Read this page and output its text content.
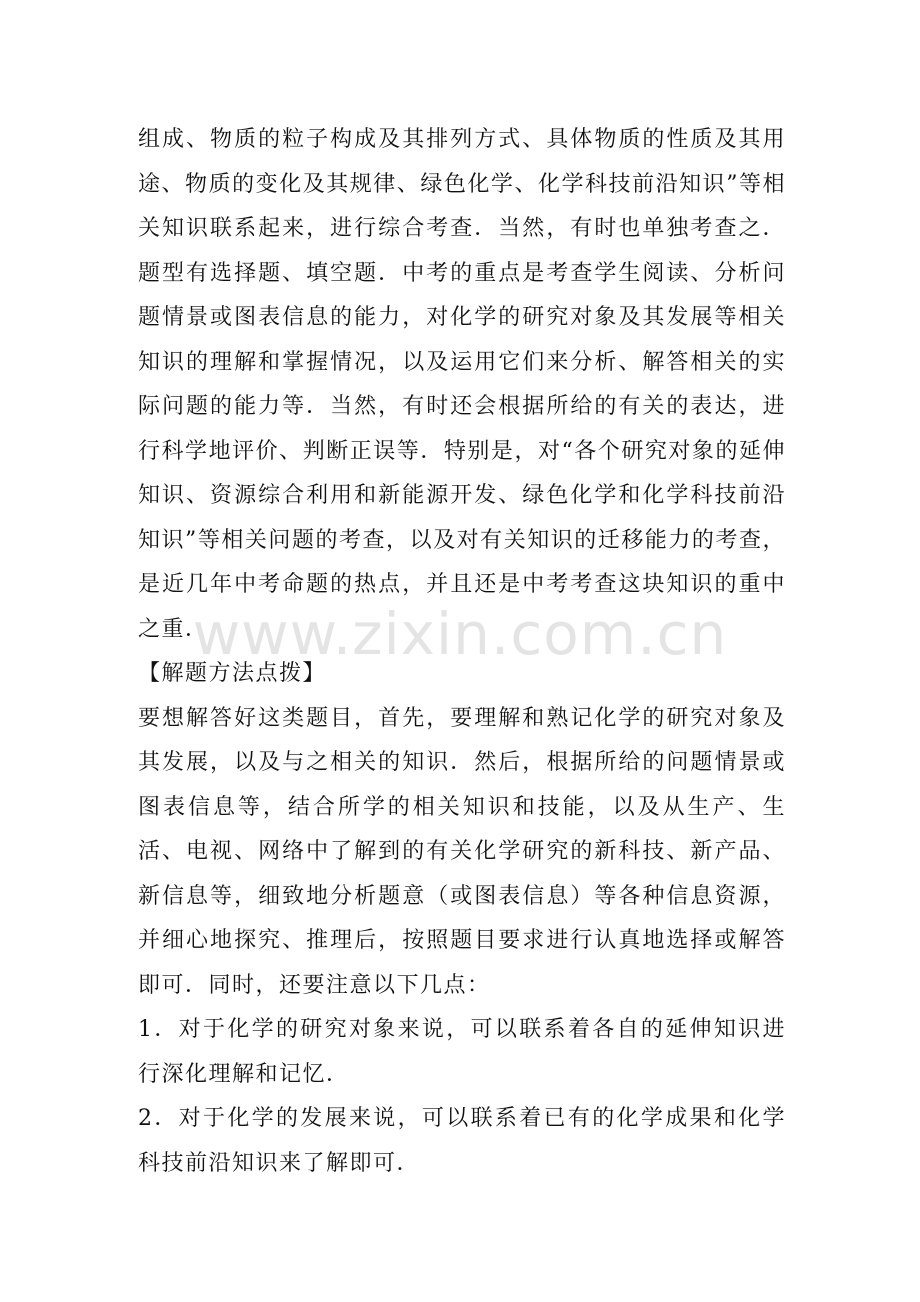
组成、物质的粒子构成及其排列方式、具体物质的性质及其用途、物质的变化及其规律、绿色化学、化学科技前沿知识”等相关知识联系起来，进行综合考查．当然，有时也单独考查之．题型有选择题、填空题．中考的重点是考查学生阅读、分析问题情景或图表信息的能力，对化学的研究对象及其发展等相关知识的理解和掌握情况，以及运用它们来分析、解答相关的实际问题的能力等．当然，有时还会根据所给的有关的表达，进行科学地评价、判断正误等．特别是，对“各个研究对象的延伸知识、资源综合利用和新能源开发、绿色化学和化学科技前沿知识”等相关问题的考查，以及对有关知识的迁移能力的考查，是近几年中考命题的热点，并且还是中考考查这块知识的重中之重．

【解题方法点拨】

要想解答好这类题目，首先，要理解和熟记化学的研究对象及其发展，以及与之相关的知识．然后，根据所给的问题情景或图表信息等，结合所学的相关知识和技能，以及从生产、生活、电视、网络中了解到的有关化学研究的新科技、新产品、新信息等，细致地分析题意（或图表信息）等各种信息资源，并细心地探究、推理后，按照题目要求进行认真地选择或解答即可．同时，还要注意以下几点：

1．对于化学的研究对象来说，可以联系着各自的延伸知识进行深化理解和记忆．

2．对于化学的发展来说，可以联系着已有的化学成果和化学科技前沿知识来了解即可．

www.zixin.com.cn
